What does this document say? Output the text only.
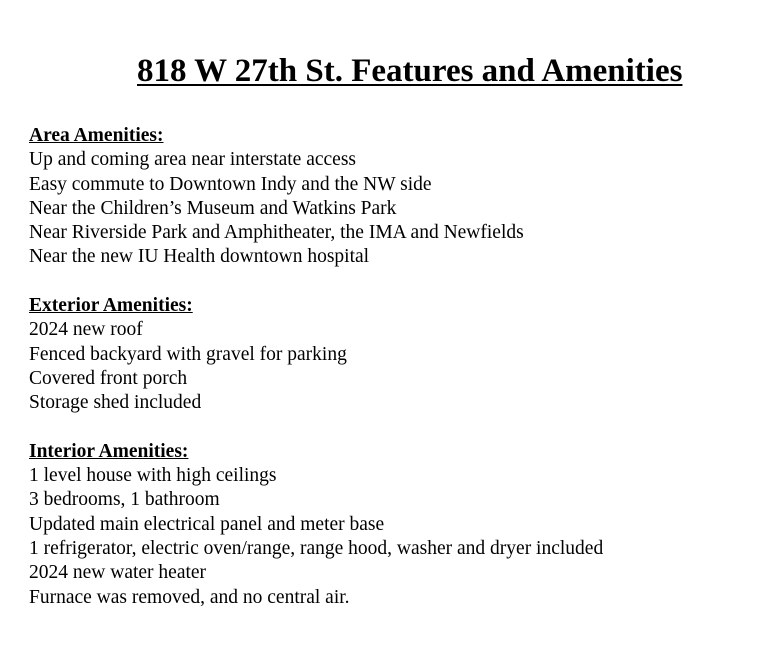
818 W 27th St. Features and Amenities

Area Amenities:

Up and coming area near interstate access

Easy commute to Downtown Indy and the NW side

Near the Children’s Museum and Watkins Park

Near Riverside Park and Amphitheater, the IMA and Newfields

Near the new IU Health downtown hospital

Exterior Amenities:

2024 new roof

Fenced backyard with gravel for parking

Covered front porch

Storage shed included

Interior Amenities:

1 level house with high ceilings

3 bedrooms, 1 bathroom

Updated main electrical panel and meter base

1 refrigerator, electric oven/range, range hood, washer and dryer included

2024 new water heater

Furnace was removed, and no central air.
